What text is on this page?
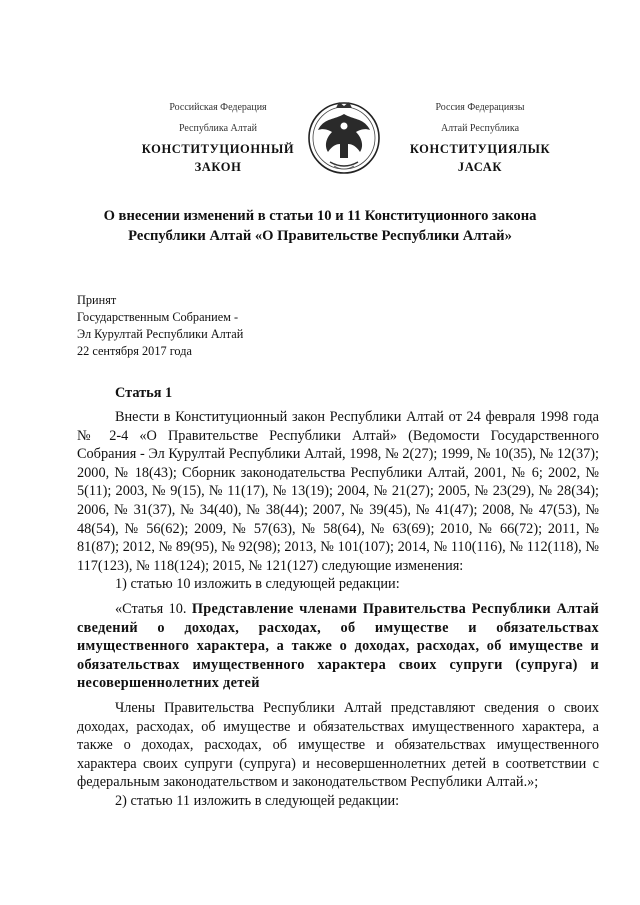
Российская Федерация
Республика Алтай
КОНСТИТУЦИОННЫЙ
ЗАКОН
Россия Федерациязы
Алтай Республика
КОНСТИТУЦИЯЛЫК
JАСАК
О внесении изменений в статьи 10 и 11 Конституционного закона
Республики Алтай «О Правительстве Республики Алтай»
Принят
Государственным Собранием -
Эл Курултай Республики Алтай
22 сентября 2017 года
Статья 1

Внести в Конституционный закон Республики Алтай от 24 февраля 1998 года № 2-4 «О Правительстве Республики Алтай» (Ведомости Государственного Собрания - Эл Курултай Республики Алтай, 1998, № 2(27); 1999, № 10(35), № 12(37); 2000, № 18(43); Сборник законодательства Республики Алтай, 2001, № 6; 2002, № 5(11); 2003, № 9(15), № 11(17), № 13(19); 2004, № 21(27); 2005, № 23(29), № 28(34); 2006, № 31(37), № 34(40), № 38(44); 2007, № 39(45), № 41(47); 2008, № 47(53), № 48(54), № 56(62); 2009, № 57(63), № 58(64), № 63(69); 2010, № 66(72); 2011, № 81(87); 2012, № 89(95), № 92(98); 2013, № 101(107); 2014, № 110(116), № 112(118), № 117(123), № 118(124); 2015, № 121(127) следующие изменения:

1) статью 10 изложить в следующей редакции:

«Статья 10. Представление членами Правительства Республики Алтай сведений о доходах, расходах, об имуществе и обязательствах имущественного характера, а также о доходах, расходах, об имуществе и обязательствах имущественного характера своих супруги (супруга) и несовершеннолетних детей

Члены Правительства Республики Алтай представляют сведения о своих доходах, расходах, об имуществе и обязательствах имущественного характера, а также о доходах, расходах, об имуществе и обязательствах имущественного характера своих супруги (супруга) и несовершеннолетних детей в соответствии с федеральным законодательством и законодательством Республики Алтай.»;

2) статью 11 изложить в следующей редакции:
